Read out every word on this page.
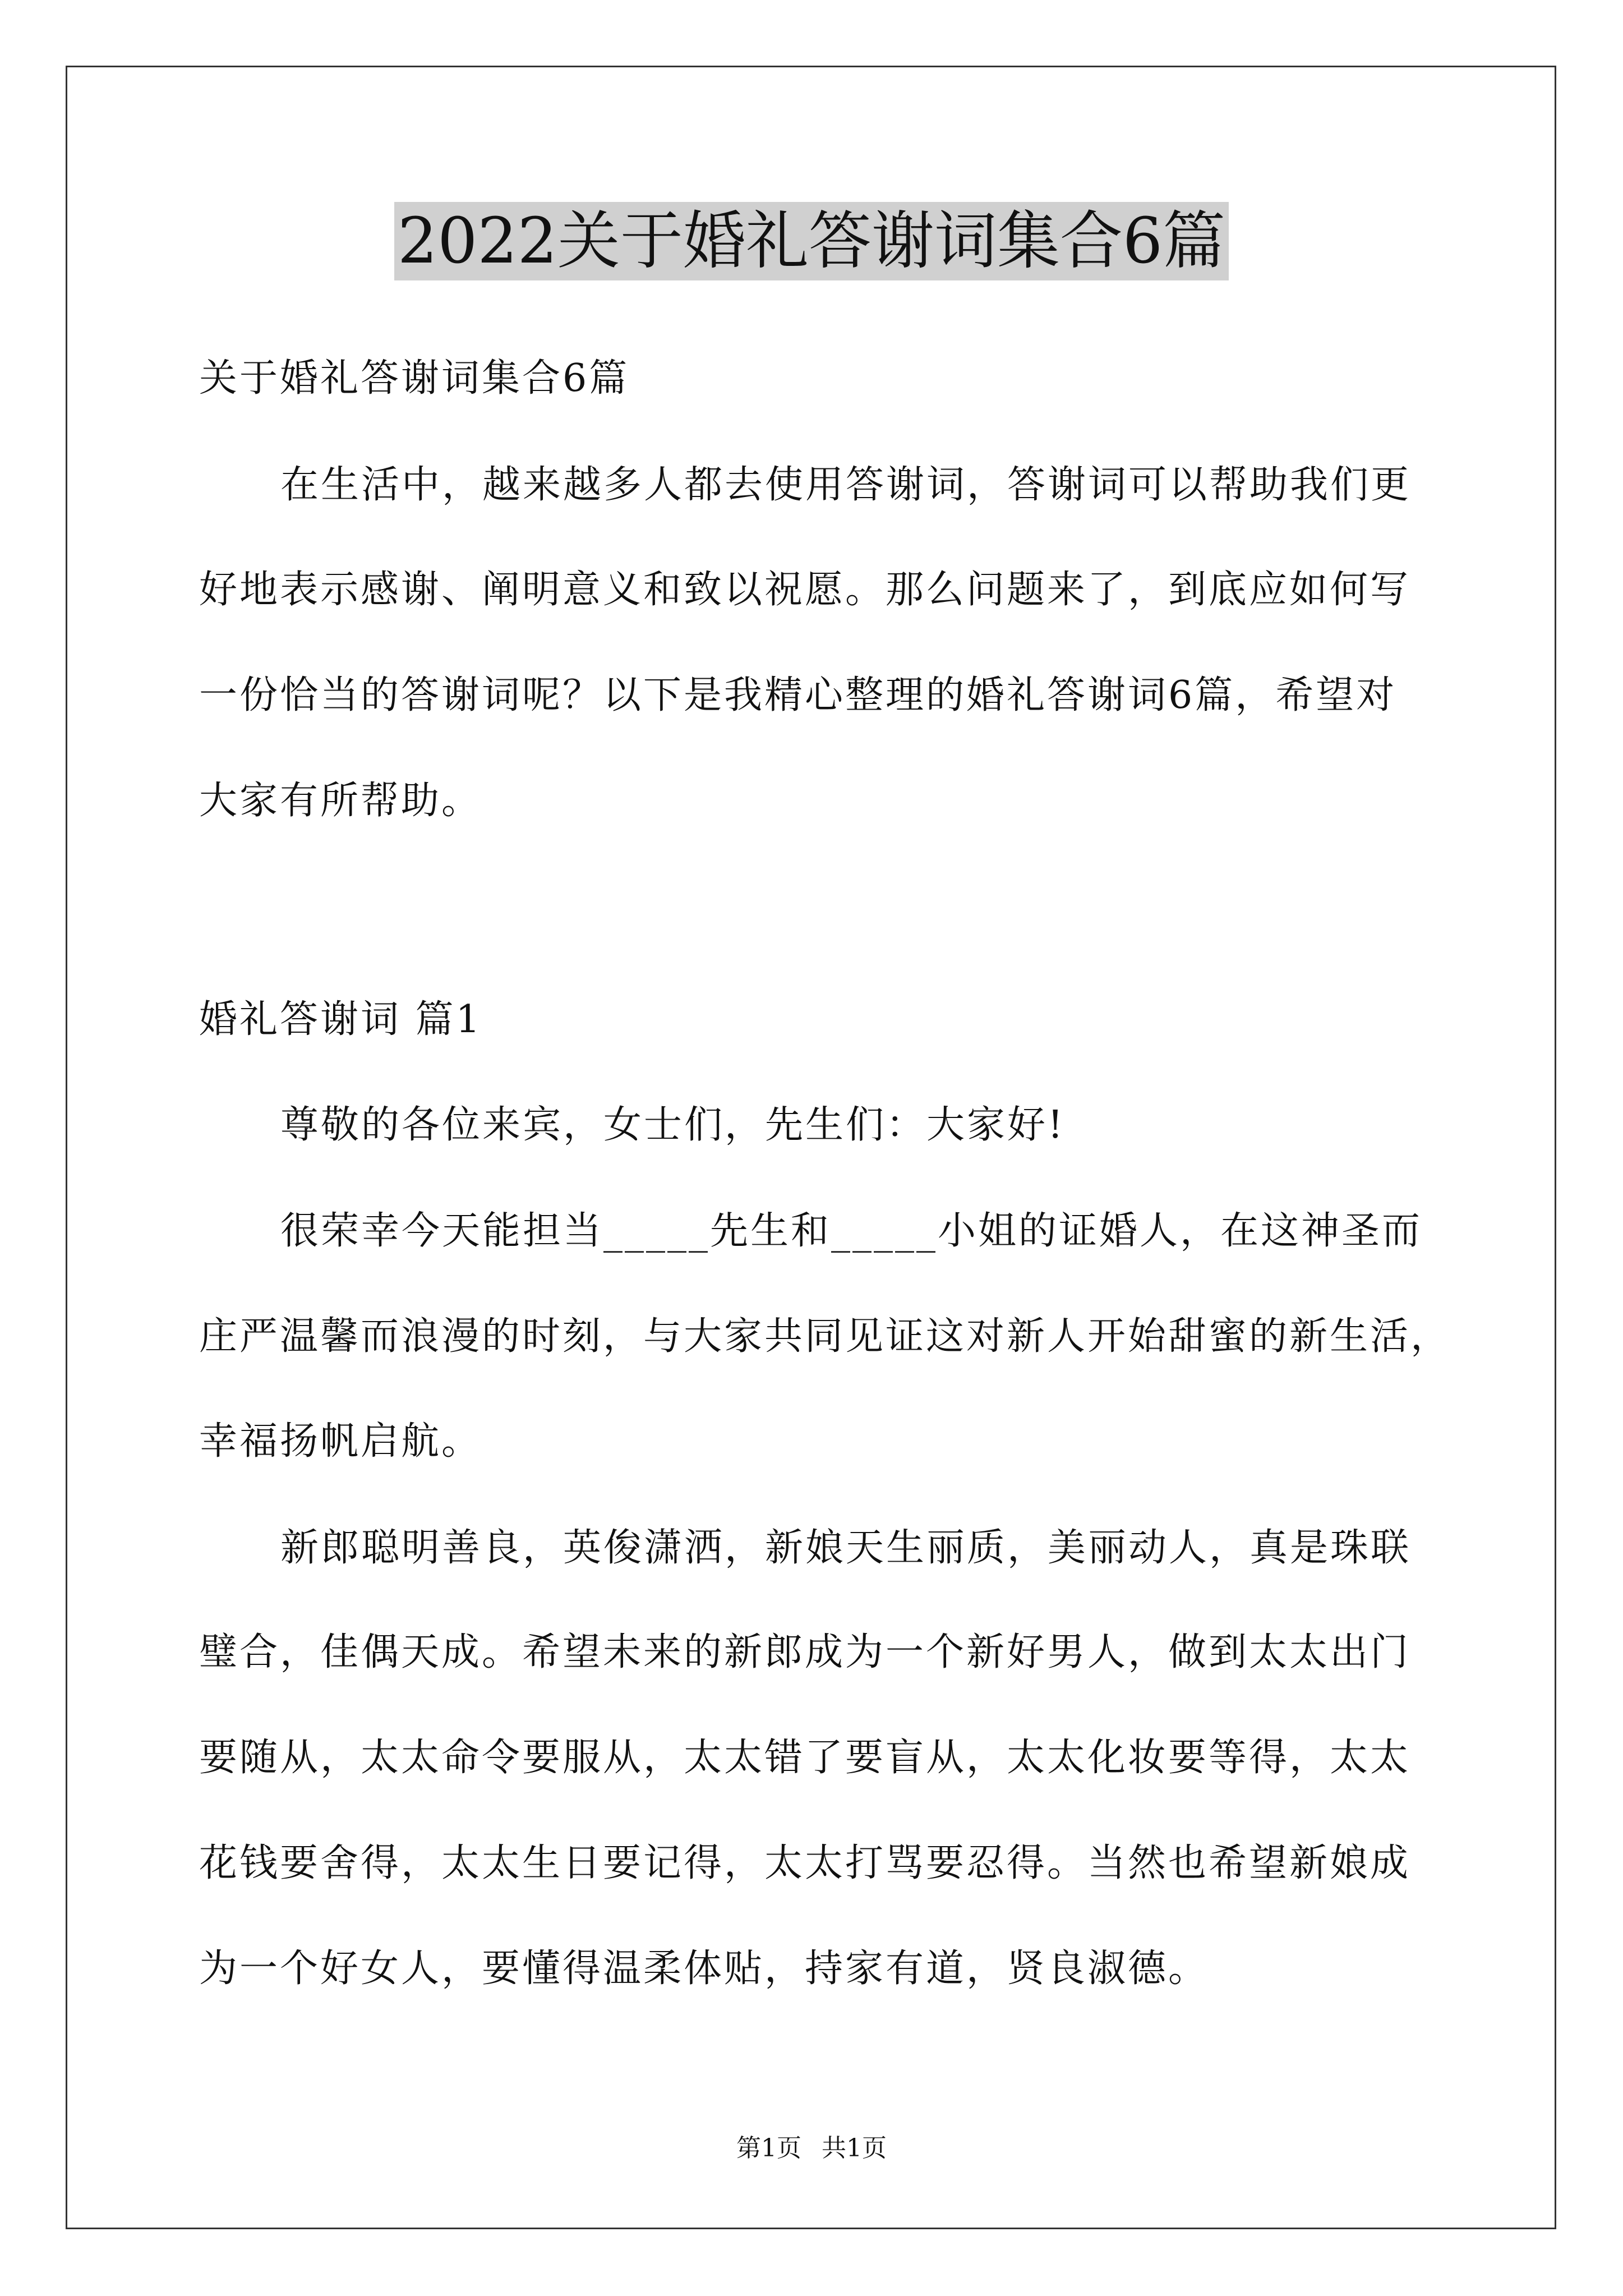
2022关于婚礼答谢词集合6篇
关于婚礼答谢词集合6篇
在生活中，越来越多人都去使用答谢词，答谢词可以帮助我们更
好地表示感谢、阐明意义和致以祝愿。那么问题来了，到底应如何写
一份恰当的答谢词呢？以下是我精心整理的婚礼答谢词6篇，希望对
大家有所帮助。
婚礼答谢词 篇1
尊敬的各位来宾，女士们，先生们：大家好!
很荣幸今天能担当_____先生和_____小姐的证婚人，在这神圣而
庄严温馨而浪漫的时刻，与大家共同见证这对新人开始甜蜜的新生活，
幸福扬帆启航。
新郎聪明善良，英俊潇洒，新娘天生丽质，美丽动人，真是珠联
璧合，佳偶天成。希望未来的新郎成为一个新好男人，做到太太出门
要随从，太太命令要服从，太太错了要盲从，太太化妆要等得，太太
花钱要舍得，太太生日要记得，太太打骂要忍得。当然也希望新娘成
为一个好女人，要懂得温柔体贴，持家有道，贤良淑德。
第1页 共1页
